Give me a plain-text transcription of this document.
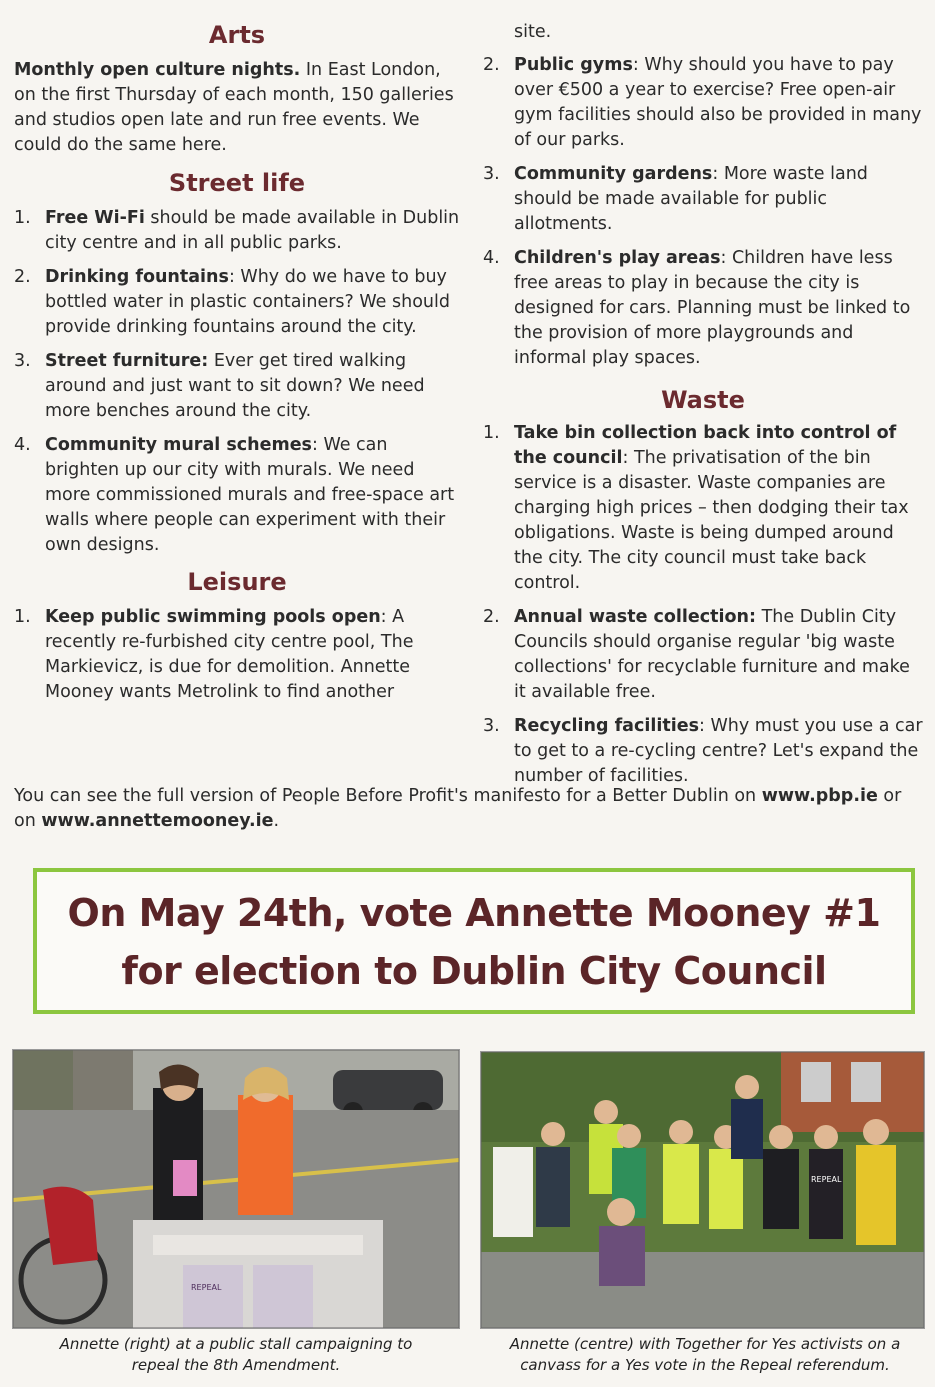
Arts

Monthly open culture nights. In East London, on the first Thursday of each month, 150 galleries and studios open late and run free events. We could do the same here.

Street life
1. Free Wi-Fi should be made available in Dublin city centre and in all public parks.
2. Drinking fountains: Why do we have to buy bottled water in plastic containers? We should provide drinking fountains around the city.
3. Street furniture: Ever get tired walking around and just want to sit down? We need more benches around the city.
4. Community mural schemes: We can brighten up our city with murals. We need more commissioned murals and free-space art walls where people can experiment with their own designs.
Leisure
1. Keep public swimming pools open: A recently re-furbished city centre pool, The Markievicz, is due for demolition. Annette Mooney wants Metrolink to find another

site.

2. Public gyms: Why should you have to pay over €500 a year to exercise? Free open-air gym facilities should also be provided in many of our parks.
3. Community gardens: More waste land should be made available for public allotments.
4. Children's play areas: Children have less free areas to play in because the city is designed for cars. Planning must be linked to the provision of more playgrounds and informal play spaces.
Waste
1. Take bin collection back into control of the council: The privatisation of the bin service is a disaster. Waste companies are charging high prices – then dodging their tax obligations. Waste is being dumped around the city. The city council must take back control.
2. Annual waste collection: The Dublin City Councils should organise regular 'big waste collections' for recyclable furniture and make it available free.
3. Recycling facilities: Why must you use a car to get to a re-cycling centre? Let's expand the number of facilities.

You can see the full version of People Before Profit's manifesto for a Better Dublin on www.pbp.ie or on www.annettemooney.ie.

On May 24th, vote Annette Mooney #1
for election to Dublin City Council
REPEAL

Annette (right) at a public stall campaigning to repeal the 8th Amendment.

REPEAL

Annette (centre) with Together for Yes activists on a canvass for a Yes vote in the Repeal referendum.
